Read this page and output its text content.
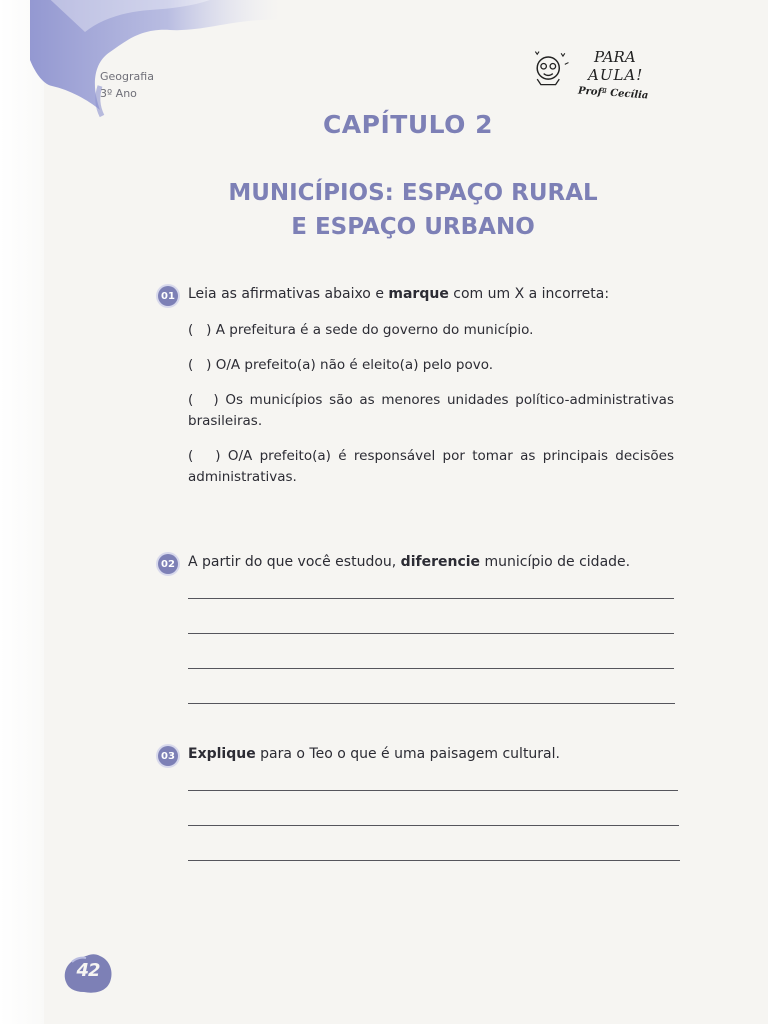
Geografia
3º Ano
PARA
AULA!
Profª Cecília
CAPÍTULO 2
MUNICÍPIOS: ESPAÇO RURAL
E ESPAÇO URBANO
01 Leia as afirmativas abaixo e marque com um X a incorreta:
(   ) A prefeitura é a sede do governo do município.
(   ) O/A prefeito(a) não é eleito(a) pelo povo.
(   ) Os municípios são as menores unidades político-administrativas brasileiras.
(   ) O/A prefeito(a) é responsável por tomar as principais decisões administrativas.
02 A partir do que você estudou, diferencie município de cidade.
03 Explique para o Teo o que é uma paisagem cultural.
42
